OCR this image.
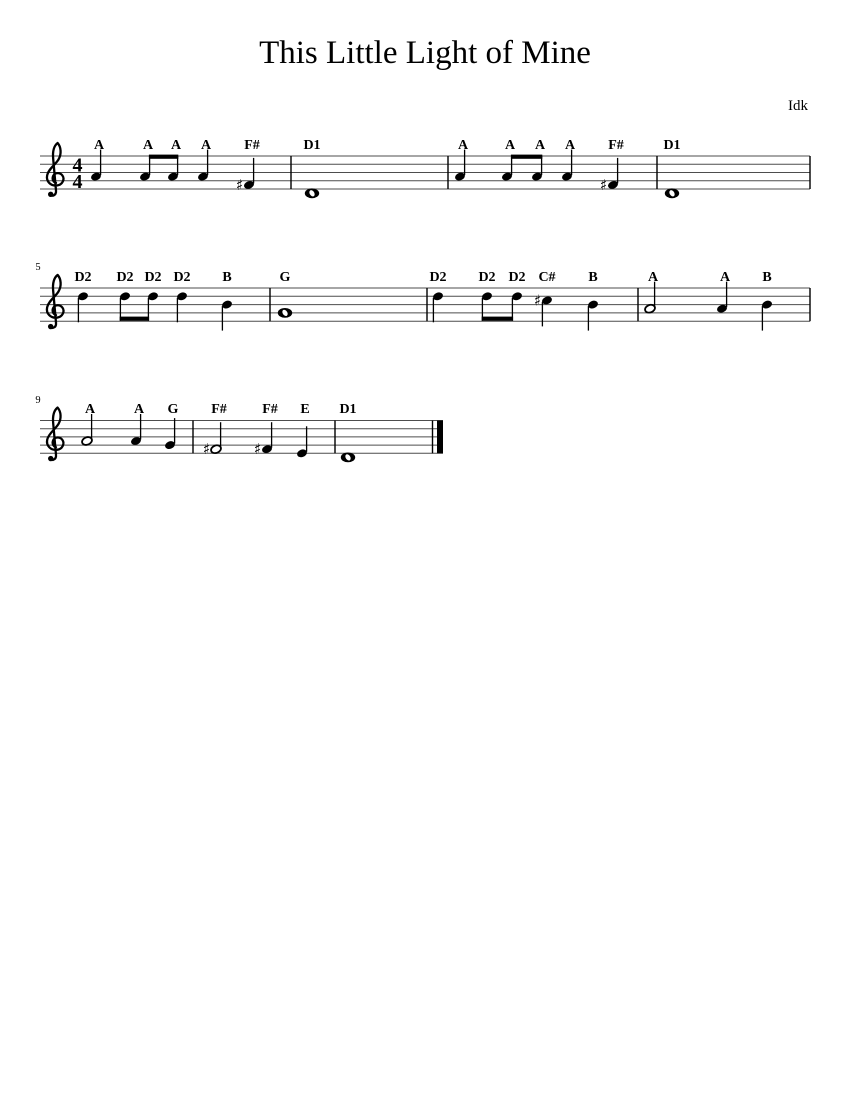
This Little Light of Mine
Idk
4
4
A	A A A
♯
F#	D1	A	A A A
♯
F#	D1
5
D2 D2 D2 D2 B	G	D2 D2 D2
♯
C# B	A	A B
9
A	A G
♯
F#
♯
F# E D1
